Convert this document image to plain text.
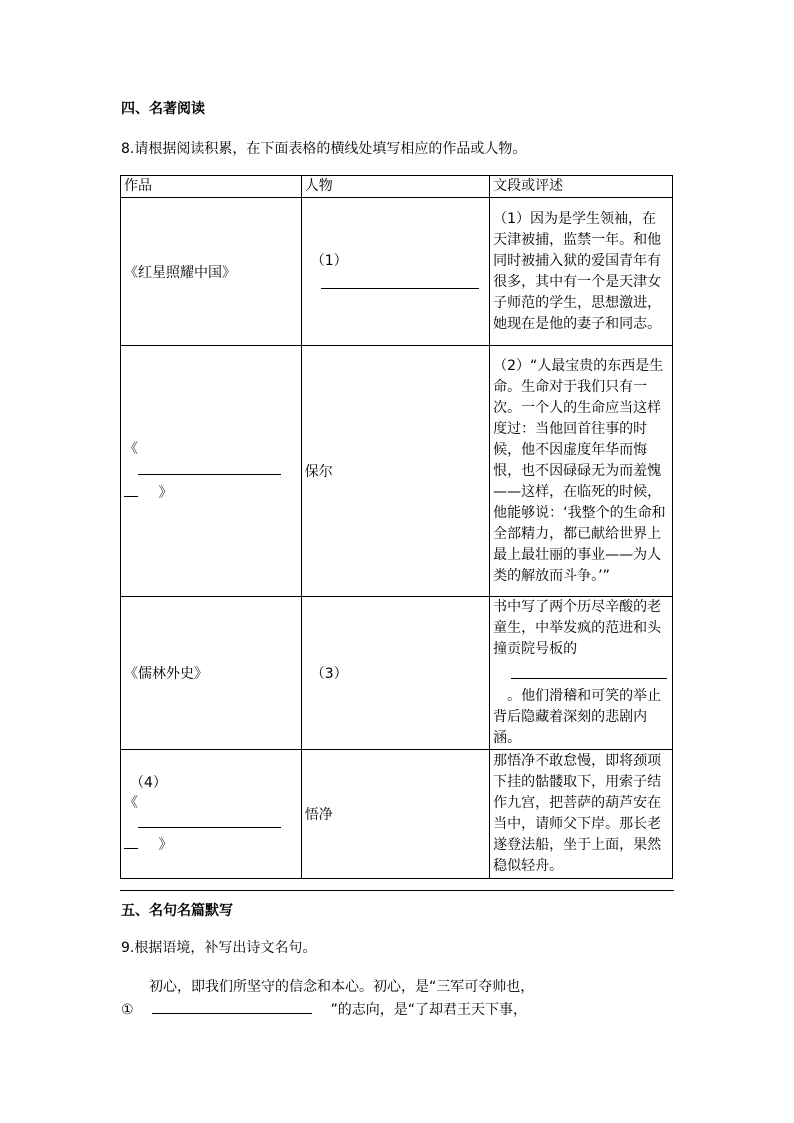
四、名著阅读
8.请根据阅读积累，在下面表格的横线处填写相应的作品或人物。
作品	人物	文段或评述
《红星照耀中国》	（1）	（1）因为是学生领袖，在天津被捕，监禁一年。和他同时被捕入狱的爱国青年有很多，其中有一个是天津女子师范的学生，思想激进，她现在是他的妻子和同志。

《
》	保尔	（2）“人最宝贵的东西是生命。生命对于我们只有一次。一个人的生命应当这样度过：当他回首往事的时候，他不因虚度年华而悔恨，也不因碌碌无为而羞愧——这样，在临死的时候，他能够说：‘我整个的生命和全部精力，都已献给世界上最上最壮丽的事业——为人类的解放而斗争。’”
《儒林外史》	（3）	书中写了两个历尽辛酸的老童生，中举发疯的范进和头撞贡院号板的
。他们滑稽和可笑的举止背后隐藏着深刻的悲剧内涵。

（4）
《
》	悟净	那悟净不敢怠慢，即将颈项下挂的骷髅取下，用索子结作九宫，把菩萨的葫芦安在当中，请师父下岸。那长老遂登法船，坐于上面，果然稳似轻舟。
五、名句名篇默写
9.根据语境，补写出诗文名句。
初心，即我们所坚守的信念和本心。初心，是“三军可夺帅也，
①	”的志向，是“了却君王天下事，
